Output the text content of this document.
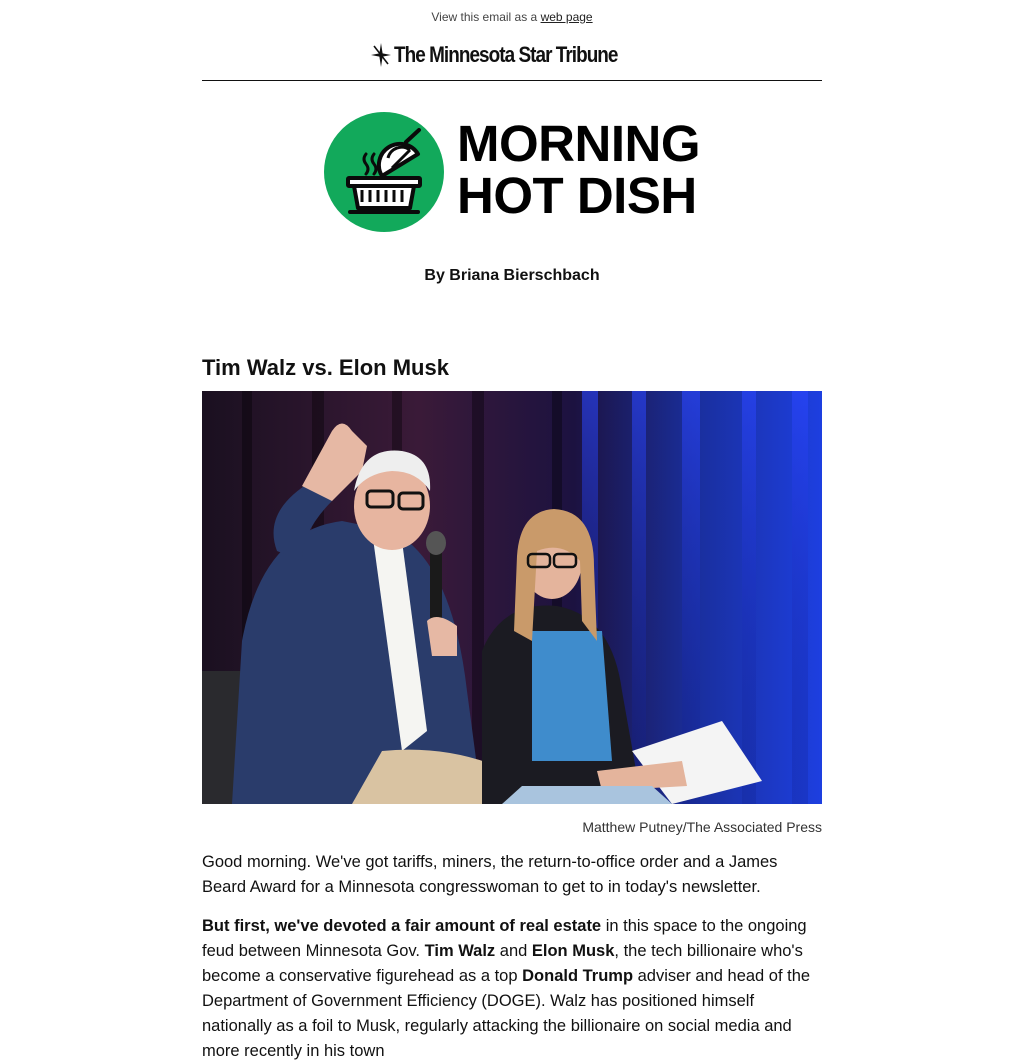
View this email as a web page
The Minnesota Star Tribune
MORNING
HOT DISH
By Briana Bierschbach
Tim Walz vs. Elon Musk
Matthew Putney/The Associated Press

Good morning. We've got tariffs, miners, the return-to-office order and a James Beard Award for a Minnesota congresswoman to get to in today's newsletter.

But first, we've devoted a fair amount of real estate in this space to the ongoing feud between Minnesota Gov. Tim Walz and Elon Musk, the tech billionaire who's become a conservative figurehead as a top Donald Trump adviser and head of the Department of Government Efficiency (DOGE). Walz has positioned himself nationally as a foil to Musk, regularly attacking the billionaire on social media and more recently in his town
